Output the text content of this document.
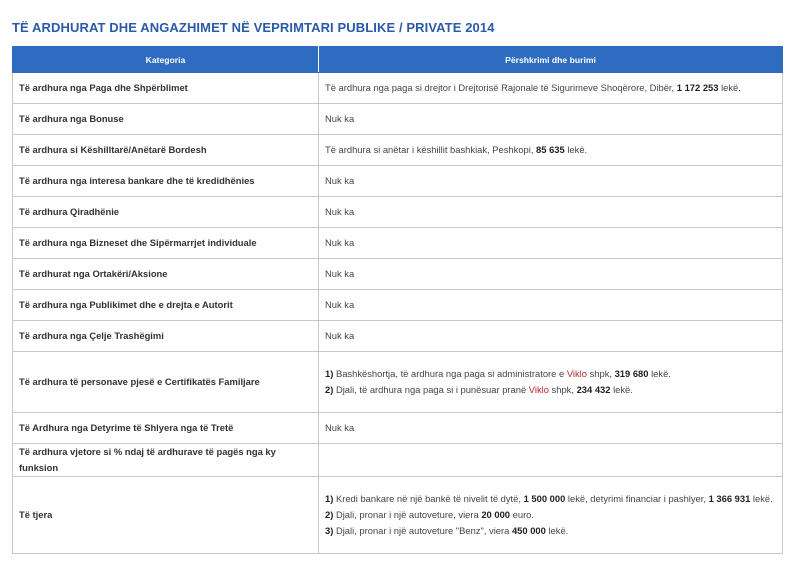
TË ARDHURAT DHE ANGAZHIMET NË VEPRIMTARI PUBLIKE / PRIVATE 2014
Kategoria	Përshkrimi dhe burimi
Të ardhura nga Paga dhe Shpërblimet	Të ardhura nga paga si drejtor i Drejtorisë Rajonale të Sigurimeve Shoqërore, Dibër, 1 172 253 lekë.
Të ardhura nga Bonuse	Nuk ka
Të ardhura si Këshilltarë/Anëtarë Bordesh	Të ardhura si anëtar i këshillit bashkiak, Peshkopi, 85 635 lekë.
Të ardhura nga interesa bankare dhe të kredidhënies	Nuk ka
Të ardhura Qiradhënie	Nuk ka
Të ardhura nga Bizneset dhe Sipërmarrjet individuale	Nuk ka
Të ardhurat nga Ortakëri/Aksione	Nuk ka
Të ardhura nga Publikimet dhe e drejta e Autorit	Nuk ka
Të ardhura nga Çelje Trashëgimi	Nuk ka
Të ardhura të personave pjesë e Certifikatës Familjare	1) Bashkëshortja, të ardhura nga paga si administratore e Viklo shpk, 319 680 lekë.
2) Djali, të ardhura nga paga si i punësuar pranë Viklo shpk, 234 432 lekë.

Të Ardhura nga Detyrime të Shlyera nga të Tretë	Nuk ka
Të ardhura vjetore si % ndaj të ardhurave të pagës nga ky funksion	
Të tjera	1) Kredi bankare në një bankë të nivelit të dytë, 1 500 000 lekë, detyrimi financiar i pashlyer, 1 366 931 lekë.
2) Djali, pronar i një autoveture, viera 20 000 euro.
3) Djali, pronar i një autoveture "Benz", viera 450 000 lekë.
